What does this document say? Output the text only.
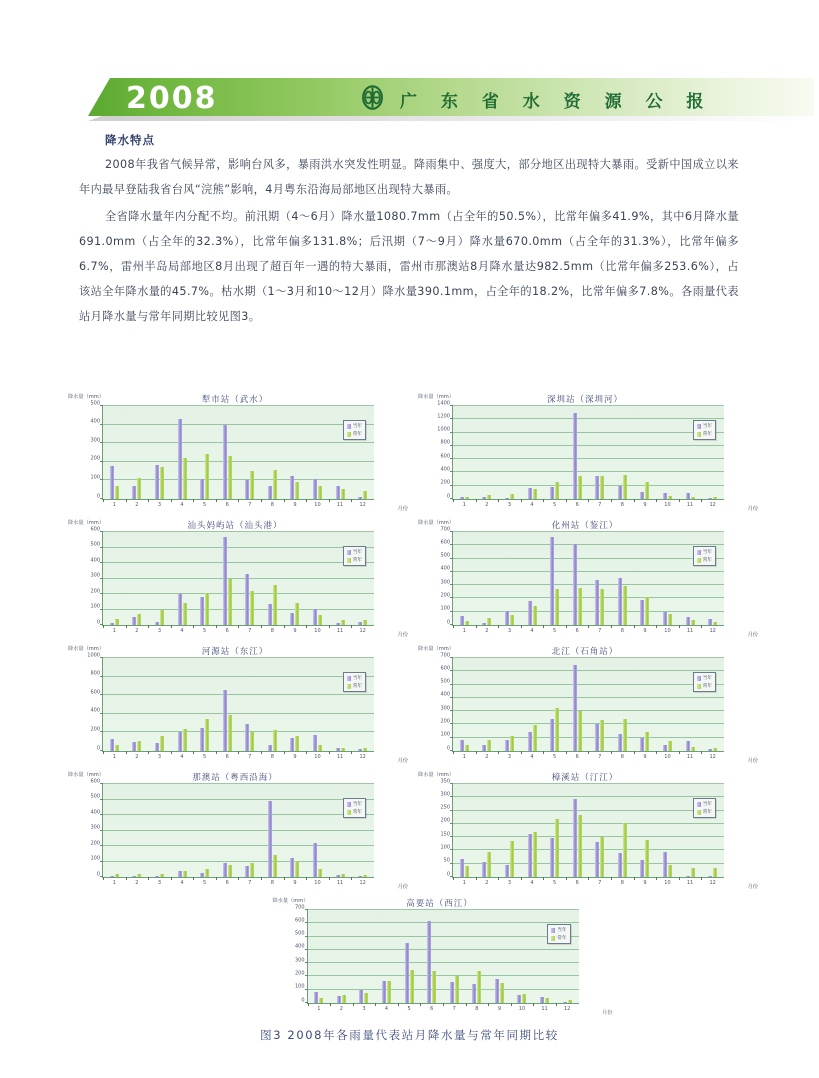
2008	广 东 省 水 资 源 公 报
降水特点

2008年我省气候异常，影响台风多，暴雨洪水突发性明显。降雨集中、强度大，部分地区出现特大暴雨。受新中国成立以来年内最早登陆我省台风“浣熊”影响，4月粤东沿海局部地区出现特大暴雨。

全省降水量年内分配不均。前汛期（4～6月）降水量1080.7mm（占全年的50.5%），比常年偏多41.9%，其中6月降水量691.0mm（占全年的32.3%），比常年偏多131.8%；后汛期（7～9月）降水量670.0mm（占全年的31.3%），比常年偏多6.7%，雷州半岛局部地区8月出现了超百年一遇的特大暴雨，雷州市那澳站8月降水量达982.5mm（比常年偏多253.6%），占该站全年降水量的45.7%。枯水期（1～3月和10～12月）降水量390.1mm，占全年的18.2%，比常年偏多7.8%。各雨量代表站月降水量与常年同期比较见图3。

降水量（mm）	犁市站（武水）
月份
0
100
200
300
400
500
1	2	3	4	5	6	7	8	9	10	11	12
当年
常年
降水量（mm）	深圳站（深圳河）
月份
0
200
400
600
800
1000
1200
1400
1	2	3	4	5	6	7	8	9	10	11	12
当年
常年
降水量（mm）	汕头妈屿站（汕头港）
月份
0
100
200
300
400
500
600
1	2	3	4	5	6	7	8	9	10	11	12
当年
常年
降水量（mm）	化州站（鉴江）
月份
0
100
200
300
400
500
600
700
1	2	3	4	5	6	7	8	9	10	11	12
当年
常年
降水量（mm）	河源站（东江）
月份
0
200
400
600
800
1000
1	2	3	4	5	6	7	8	9	10	11	12
当年
常年
降水量（mm）	北江（石角站）
月份
0
100
200
300
400
500
600
700
1	2	3	4	5	6	7	8	9	10	11	12
当年
常年
降水量（mm）	那澳站（粤西沿海）
月份
0
100
200
300
400
500
600
1	2	3	4	5	6	7	8	9	10	11	12
当年
常年
降水量（mm）	樟溪站（汀江）
月份
0
50
100
150
200
250
300
350
1	2	3	4	5	6	7	8	9	10	11	12
当年
常年
降水量（mm）	高要站（西江）
月份
0
100
200
300
400
500
600
700
1	2	3	4	5	6	7	8	9	10	11	12
当年
常年
图3 2008年各雨量代表站月降水量与常年同期比较
